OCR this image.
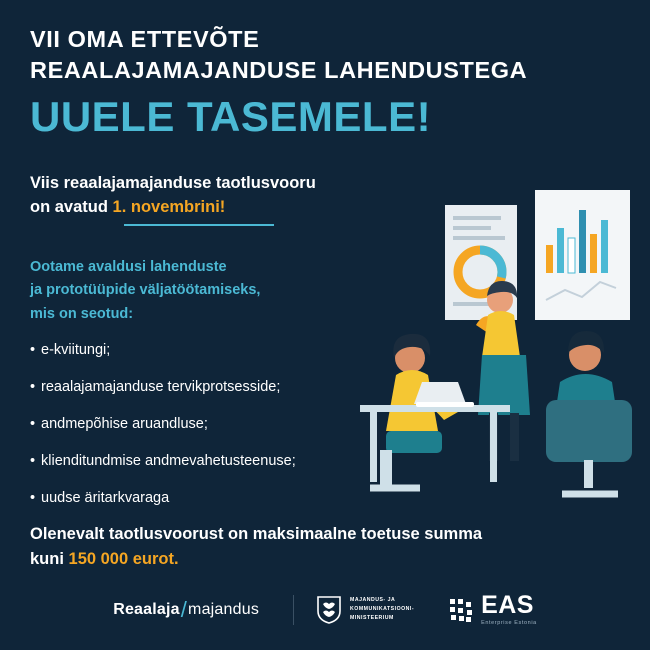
VII OMA ETTEVÕTE
REAALAJAMAJANDUSE LAHENDUSTEGA
UUELE TASEMELE!
Viis reaalajamajanduse taotlusvooru
on avatud 1. novembrini!
Ootame avaldusi lahenduste
ja prototüüpide väljatöötamiseks,
mis on seotud:
• e-kviitungi;
• reaalajamajanduse tervikprotsesside;
• andmepõhise aruandluse;
• klienditundmise andmevahetusteenuse;
• uudse äritarkvaraga
Olenevalt taotlusvoorust on maksimaalne toetuse summa
kuni 150 000 eurot.
Reaalaja / majandus
MAJANDUS- JA
KOMMUNIKATSIOONI-
MINISTEERIUM	EAS
Enterprise Estonia
